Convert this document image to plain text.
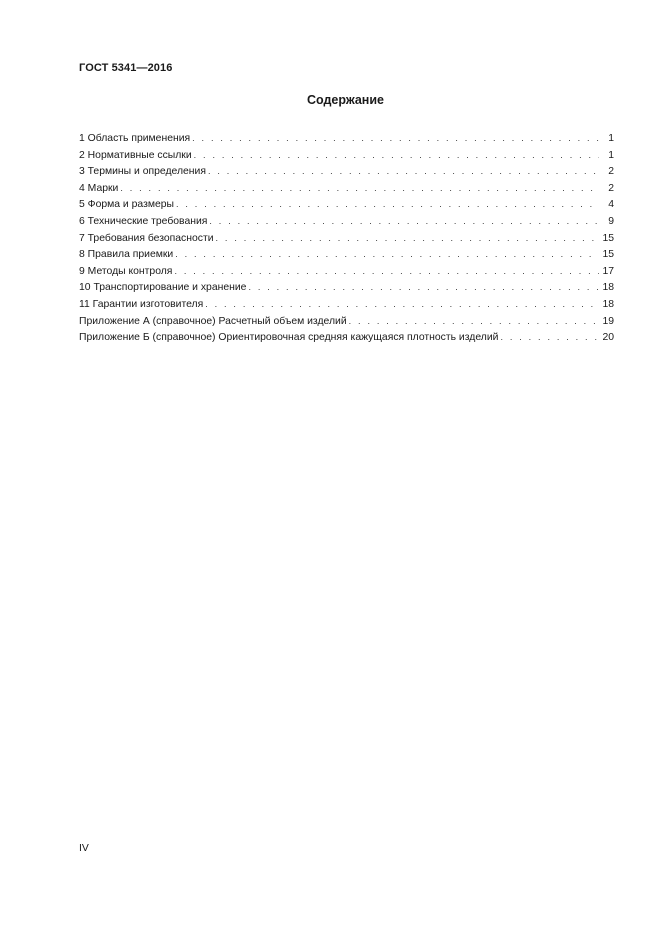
ГОСТ 5341—2016
Содержание
1 Область применения . . .	1
2 Нормативные ссылки . . .	1
3 Термины и определения . . .	2
4 Марки . . .	2
5 Форма и размеры . . .	4
6 Технические требования . . .	9
7 Требования безопасности . . .	15
8 Правила приемки . . .	15
9 Методы контроля . . .	17
10 Транспортирование и хранение . . .	18
11 Гарантии изготовителя . . .	18
Приложение А (справочное) Расчетный объем изделий . . .	19
Приложение Б (справочное) Ориентировочная средняя кажущаяся плотность изделий . . .	20
IV
